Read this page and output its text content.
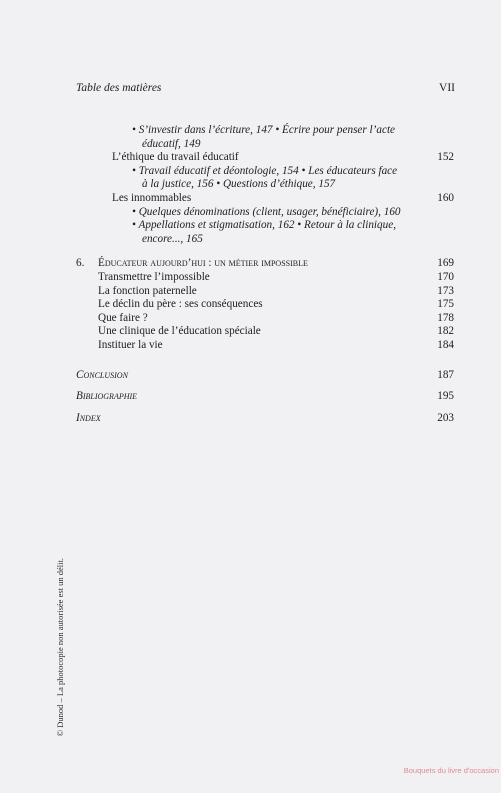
Table des matières	VII
• S’investir dans l’écriture, 147 • Écrire pour penser l’acte
éducatif, 149
L’éthique du travail éducatif	152
• Travail éducatif et déontologie, 154 • Les éducateurs face
à la justice, 156 • Questions d’éthique, 157
Les innommables	160
• Quelques dénominations (client, usager, bénéficiaire), 160
• Appellations et stigmatisation, 162 • Retour à la clinique,
encore..., 165
6. Éducateur aujourd’hui : un métier impossible	169
Transmettre l’impossible	170
La fonction paternelle	173
Le déclin du père : ses conséquences	175
Que faire ?	178
Une clinique de l’éducation spéciale	182
Instituer la vie	184
Conclusion	187
Bibliographie	195
Index	203
© Dunod – La photocopie non autorisée est un délit.
Bouquets du livre d'occasion
